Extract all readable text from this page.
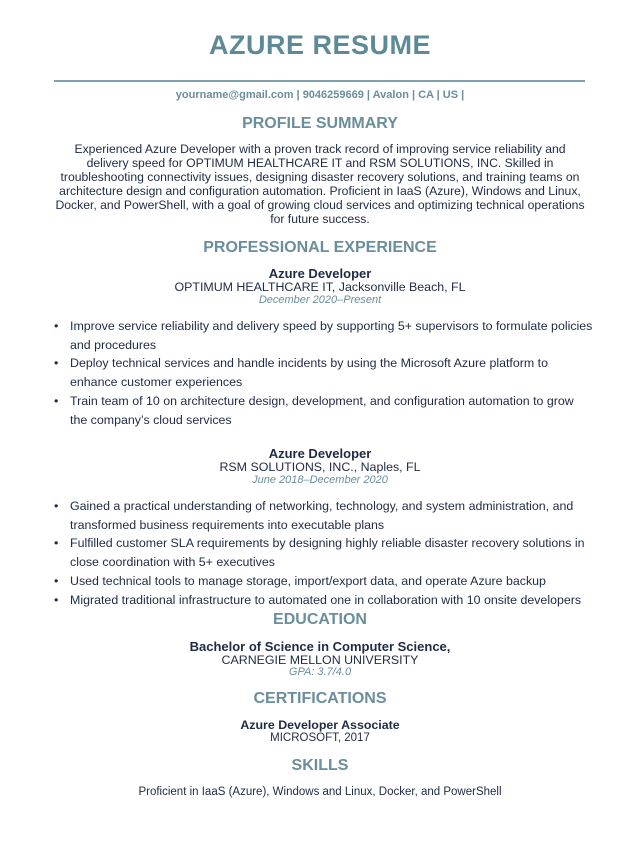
AZURE RESUME
yourname@gmail.com | 9046259669 | Avalon | CA | US |
PROFILE SUMMARY
Experienced Azure Developer with a proven track record of improving service reliability and delivery speed for OPTIMUM HEALTHCARE IT and RSM SOLUTIONS, INC. Skilled in troubleshooting connectivity issues, designing disaster recovery solutions, and training teams on architecture design and configuration automation. Proficient in IaaS (Azure), Windows and Linux, Docker, and PowerShell, with a goal of growing cloud services and optimizing technical operations for future success.
PROFESSIONAL EXPERIENCE
Azure Developer
OPTIMUM HEALTHCARE IT, Jacksonville Beach, FL
December 2020–Present
• Improve service reliability and delivery speed by supporting 5+ supervisors to formulate policies and procedures
• Deploy technical services and handle incidents by using the Microsoft Azure platform to enhance customer experiences
• Train team of 10 on architecture design, development, and configuration automation to grow the company’s cloud services
Azure Developer
RSM SOLUTIONS, INC., Naples, FL
June 2018–December 2020
• Gained a practical understanding of networking, technology, and system administration, and transformed business requirements into executable plans
• Fulfilled customer SLA requirements by designing highly reliable disaster recovery solutions in close coordination with 5+ executives
• Used technical tools to manage storage, import/export data, and operate Azure backup
• Migrated traditional infrastructure to automated one in collaboration with 10 onsite developers
EDUCATION
Bachelor of Science in Computer Science,
CARNEGIE MELLON UNIVERSITY
GPA: 3.7/4.0
CERTIFICATIONS
Azure Developer Associate
MICROSOFT, 2017
SKILLS
Proficient in IaaS (Azure), Windows and Linux, Docker, and PowerShell
